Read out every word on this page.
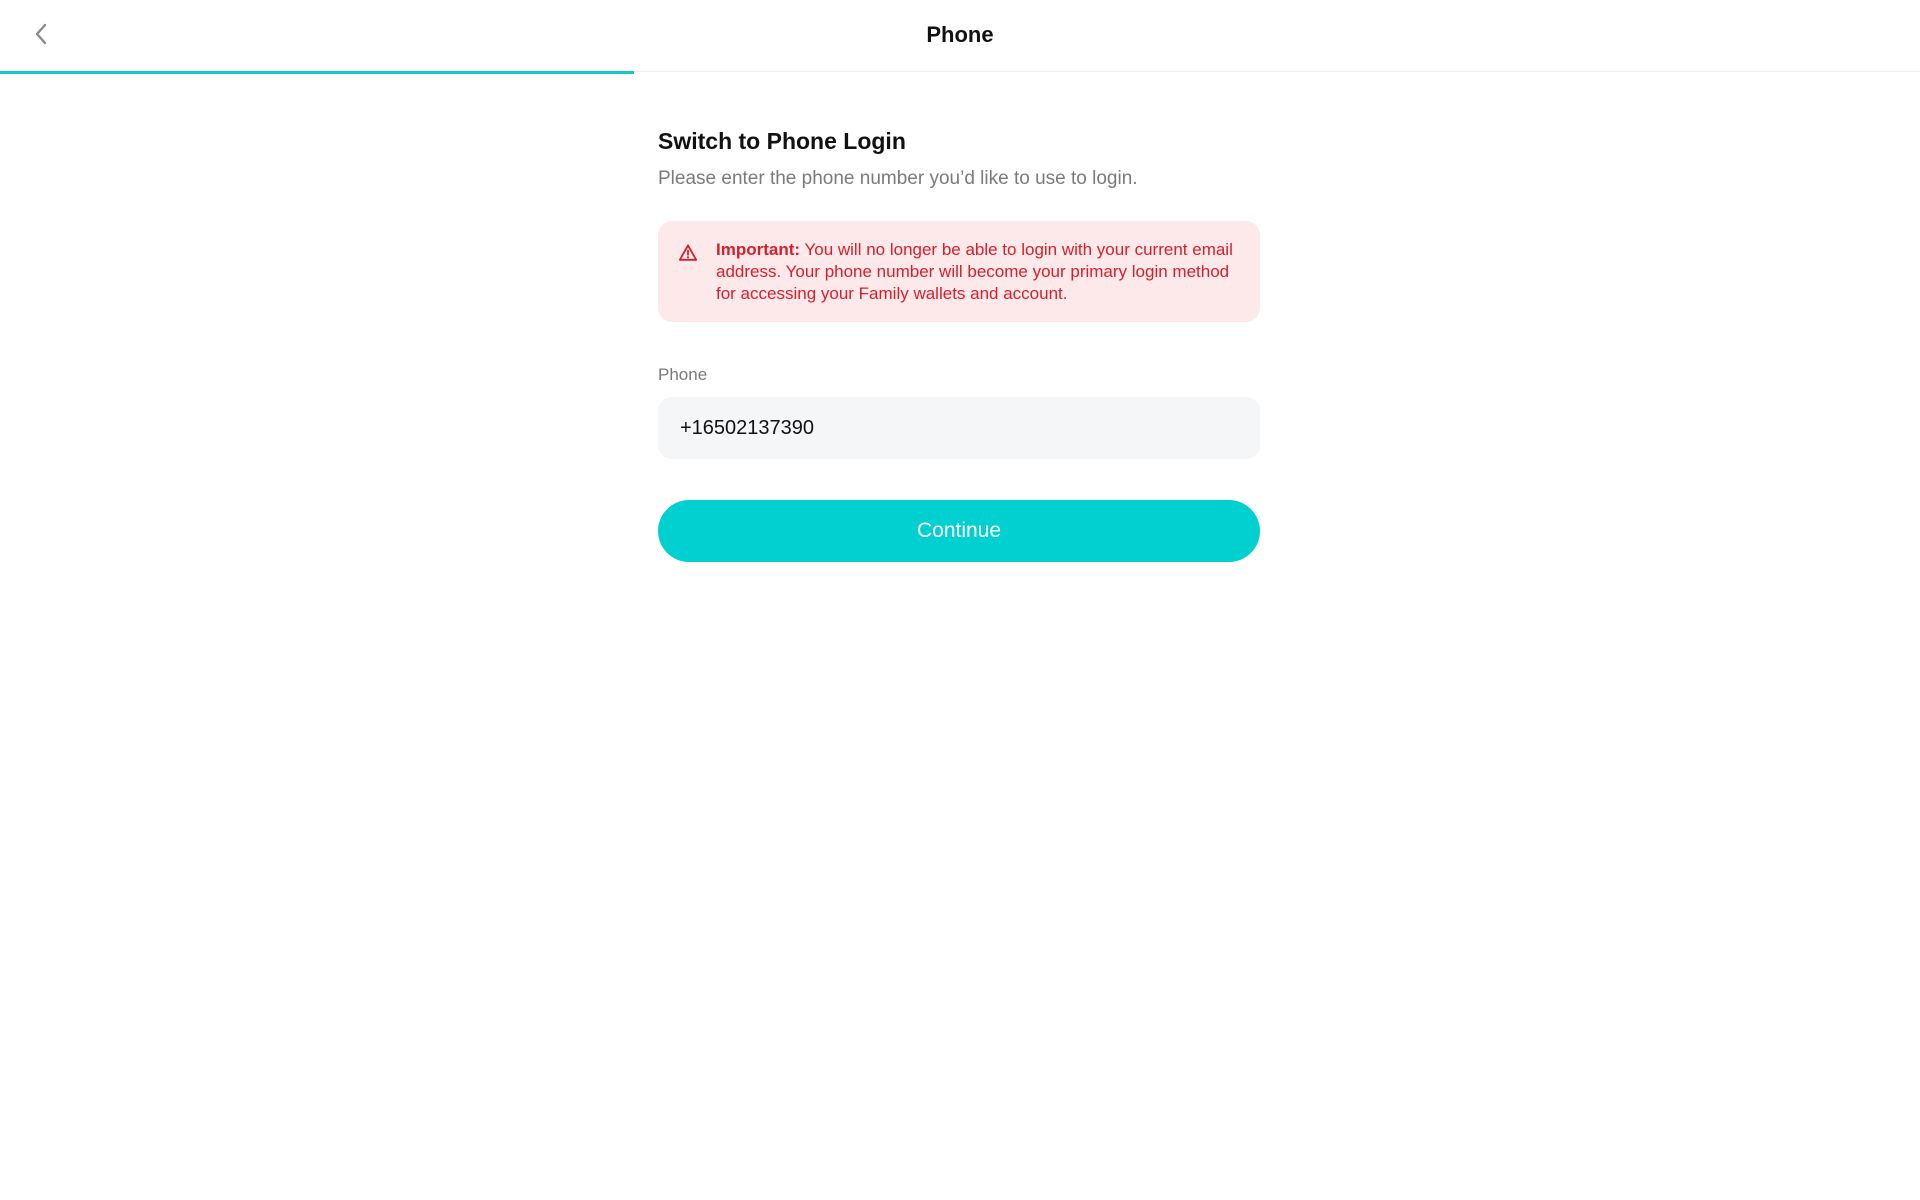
Phone
Switch to Phone Login
Please enter the phone number you’d like to use to login.
Important: You will no longer be able to login with your current email address. Your phone number will become your primary login method for accessing your Family wallets and account.
Phone
+16502137390
Continue
